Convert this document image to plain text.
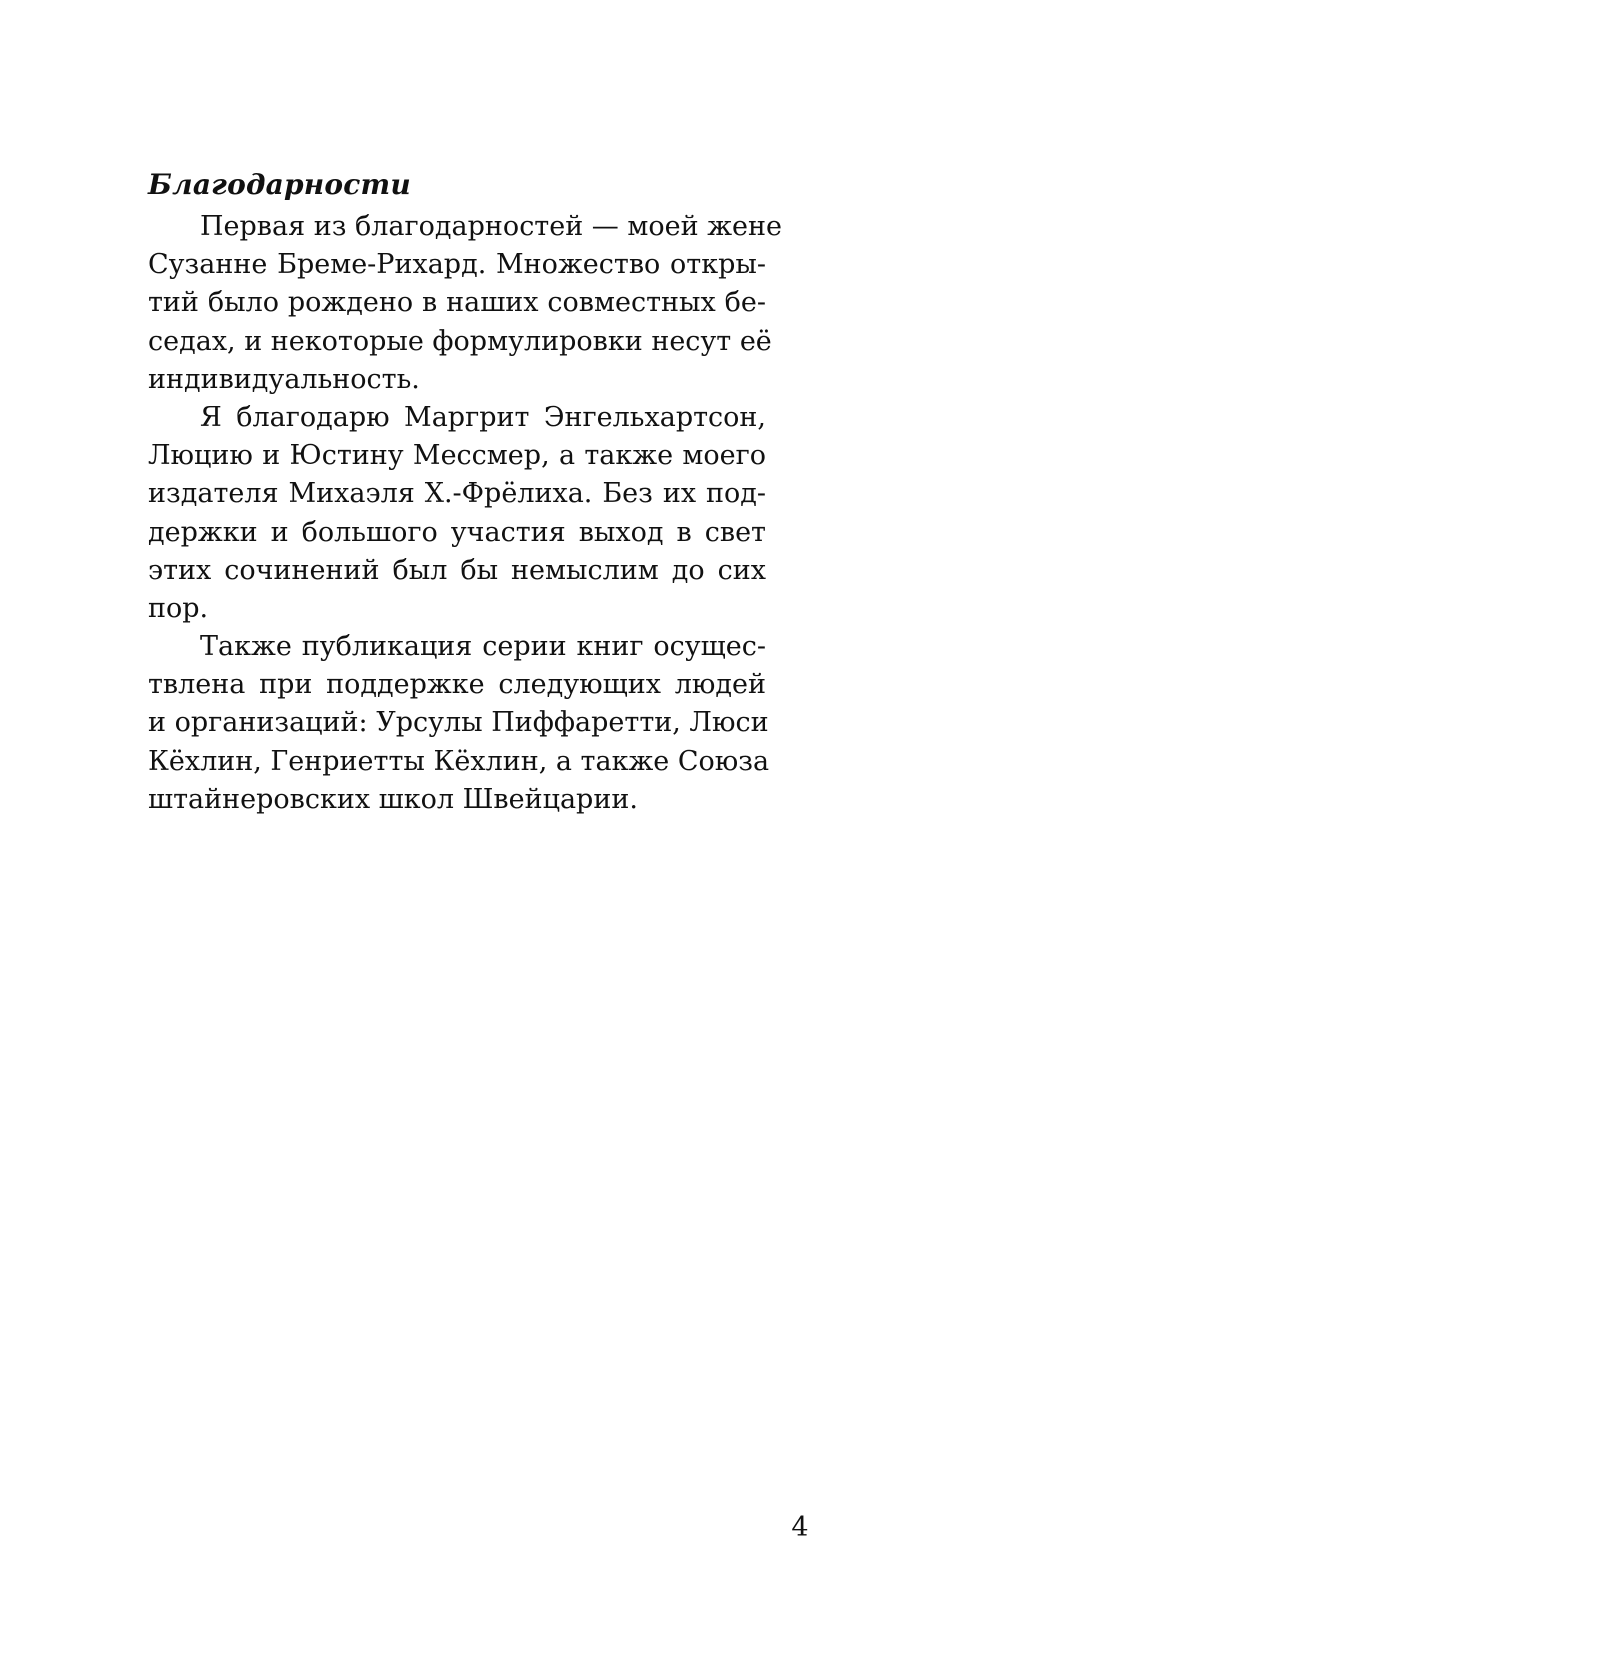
Благодарности
Первая из благодарностей — моей жене
Сузанне Бреме-Рихард. Множество откры-
тий было рождено в наших совместных бе-
седах, и некоторые формулировки несут её
индивидуальность.
Я благодарю Маргрит Энгельхартсон,
Люцию и Юстину Мессмер, а также моего
издателя Михаэля Х.-Фрёлиха. Без их под-
держки и большого участия выход в свет
этих сочинений был бы немыслим до сих
пор.
Также публикация серии книг осущес-
твлена при поддержке следующих людей
и организаций: Урсулы Пиффаретти, Люси
Кёхлин, Генриетты Кёхлин, а также Союза
штайнеровских школ Швейцарии.
4
